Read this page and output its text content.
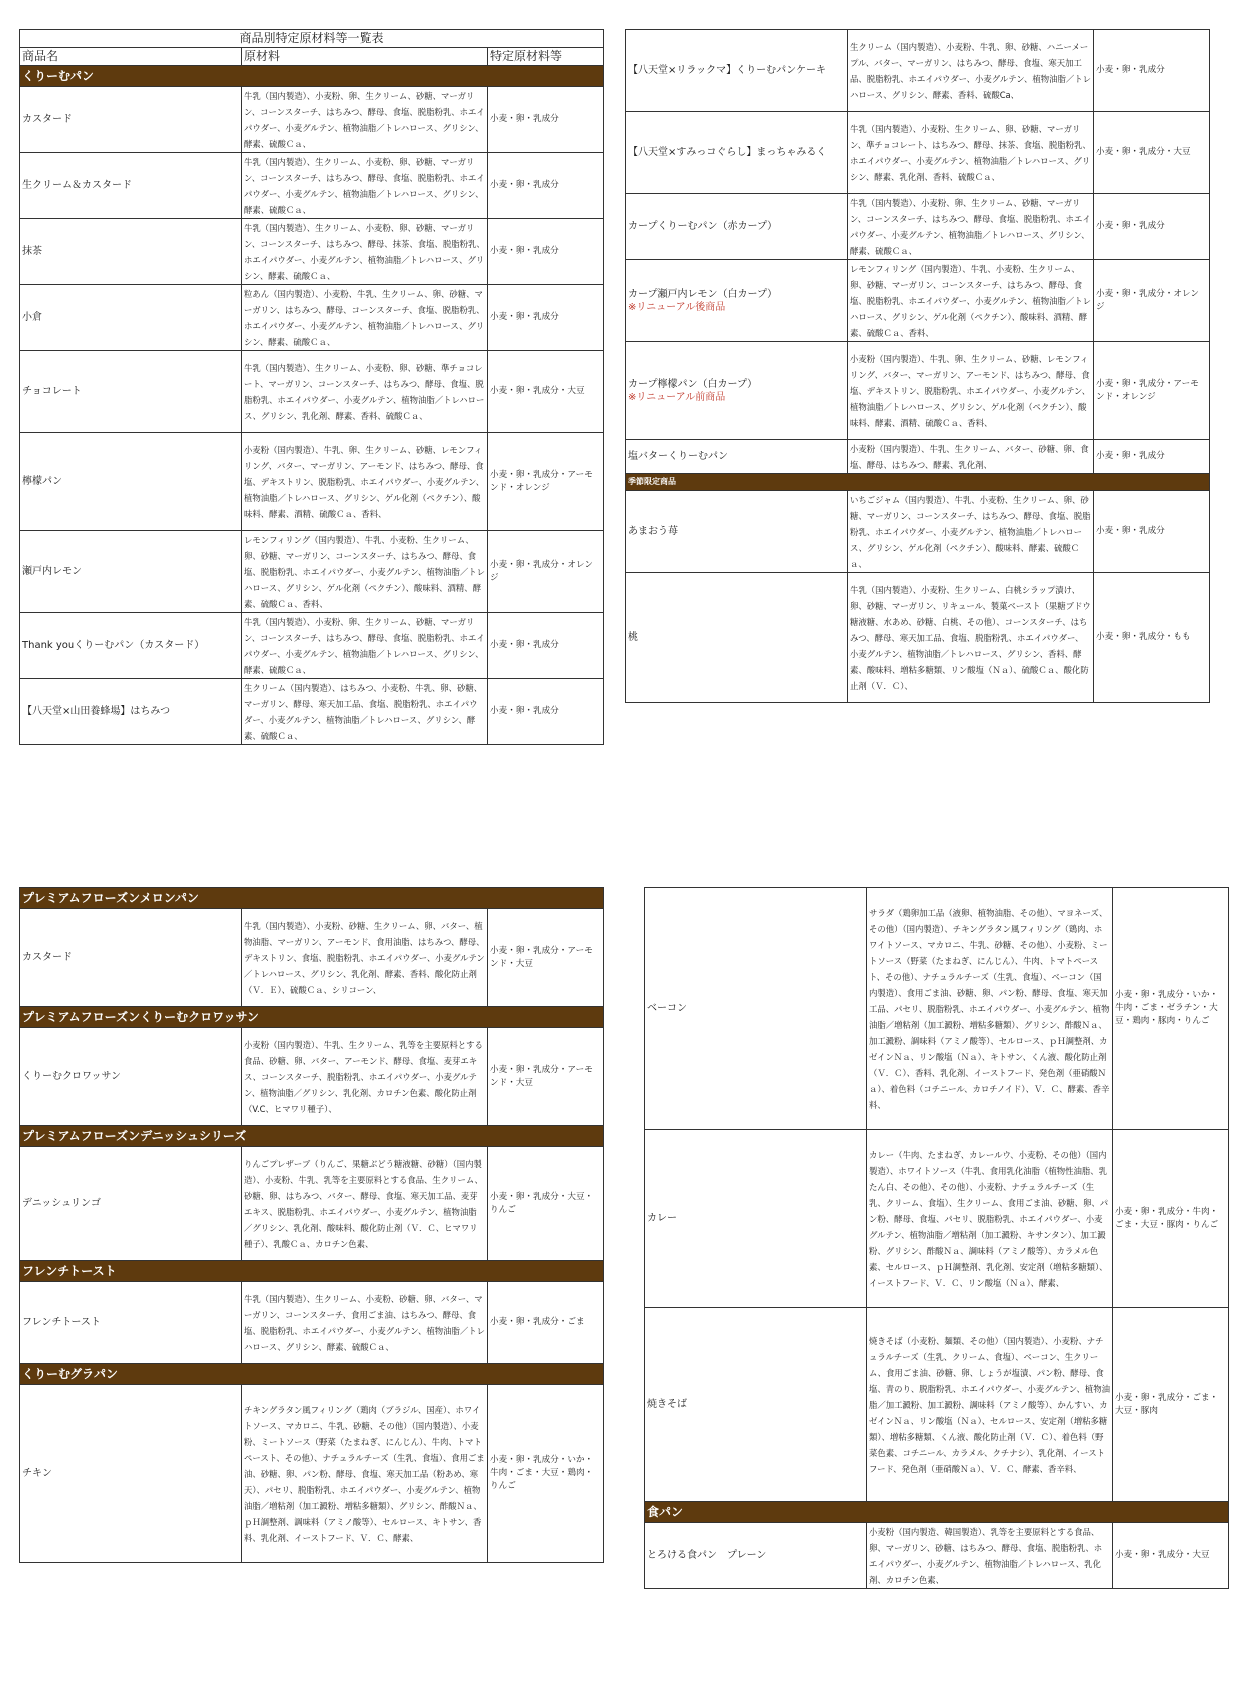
商品別特定原材料等一覧表		
商品名	原材料	特定原材料等
くりーむパン		
カスタード	牛乳（国内製造）、小麦粉、卵、生クリーム、砂糖、マーガリン、コーンスターチ、はちみつ、酵母、食塩、脱脂粉乳、ホエイパウダー、小麦グルテン、植物油脂／トレハロース、グリシン、酵素、硫酸Ｃａ、	小麦・卵・乳成分
生クリーム＆カスタード	牛乳（国内製造）、生クリーム、小麦粉、卵、砂糖、マーガリン、コーンスターチ、はちみつ、酵母、食塩、脱脂粉乳、ホエイパウダー、小麦グルテン、植物油脂／トレハロース、グリシン、酵素、硫酸Ｃａ、	小麦・卵・乳成分
抹茶	牛乳（国内製造）、生クリーム、小麦粉、卵、砂糖、マーガリン、コーンスターチ、はちみつ、酵母、抹茶、食塩、脱脂粉乳、ホエイパウダー、小麦グルテン、植物油脂／トレハロース、グリシン、酵素、硫酸Ｃａ、	小麦・卵・乳成分
小倉	粒あん（国内製造）、小麦粉、牛乳、生クリーム、卵、砂糖、マーガリン、はちみつ、酵母、コーンスターチ、食塩、脱脂粉乳、ホエイパウダー、小麦グルテン、植物油脂／トレハロース、グリシン、酵素、硫酸Ｃａ、	小麦・卵・乳成分
チョコレート	牛乳（国内製造）、生クリーム、小麦粉、卵、砂糖、準チョコレート、マーガリン、コーンスターチ、はちみつ、酵母、食塩、脱脂粉乳、ホエイパウダー、小麦グルテン、植物油脂／トレハロース、グリシン、乳化剤、酵素、香料、硫酸Ｃａ、	小麦・卵・乳成分・大豆
檸檬パン	小麦粉（国内製造）、牛乳、卵、生クリーム、砂糖、レモンフィリング、バター、マーガリン、アーモンド、はちみつ、酵母、食塩、デキストリン、脱脂粉乳、ホエイパウダー、小麦グルテン、植物油脂／トレハロース、グリシン、ゲル化剤（ペクチン）、酸味料、酵素、酒精、硫酸Ｃａ、香料、	小麦・卵・乳成分・アーモンド・オレンジ
瀬戸内レモン	レモンフィリング（国内製造）、牛乳、小麦粉、生クリーム、卵、砂糖、マーガリン、コーンスターチ、はちみつ、酵母、食塩、脱脂粉乳、ホエイパウダー、小麦グルテン、植物油脂／トレハロース、グリシン、ゲル化剤（ペクチン）、酸味料、酒精、酵素、硫酸Ｃａ、香料、	小麦・卵・乳成分・オレンジ
Thank youくりーむパン（カスタード）	牛乳（国内製造）、小麦粉、卵、生クリーム、砂糖、マーガリン、コーンスターチ、はちみつ、酵母、食塩、脱脂粉乳、ホエイパウダー、小麦グルテン、植物油脂／トレハロース、グリシン、酵素、硫酸Ｃａ、	小麦・卵・乳成分
【八天堂×山田養蜂場】はちみつ	生クリーム（国内製造）、はちみつ、小麦粉、牛乳、卵、砂糖、マーガリン、酵母、寒天加工品、食塩、脱脂粉乳、ホエイパウダー、小麦グルテン、植物油脂／トレハロース、グリシン、酵素、硫酸Ｃａ、	小麦・卵・乳成分
【八天堂×リラックマ】くりーむパンケーキ	生クリーム（国内製造）、小麦粉、牛乳、卵、砂糖、ハニーメープル、バター、マーガリン、はちみつ、酵母、食塩、寒天加工品、脱脂粉乳、ホエイパウダー、小麦グルテン、植物油脂／トレハロース、グリシン、酵素、香料、硫酸Ca、	小麦・卵・乳成分
【八天堂×すみっコぐらし】まっちゃみるく	牛乳（国内製造）、小麦粉、生クリーム、卵、砂糖、マーガリン、準チョコレート、はちみつ、酵母、抹茶、食塩、脱脂粉乳、ホエイパウダー、小麦グルテン、植物油脂／トレハロース、グリシン、酵素、乳化剤、香料、硫酸Ｃａ、	小麦・卵・乳成分・大豆
カープくりーむパン（赤カープ）	牛乳（国内製造）、小麦粉、卵、生クリーム、砂糖、マーガリン、コーンスターチ、はちみつ、酵母、食塩、脱脂粉乳、ホエイパウダー、小麦グルテン、植物油脂／トレハロース、グリシン、酵素、硫酸Ｃａ、	小麦・卵・乳成分
カープ瀬戸内レモン（白カープ）
※リニューアル後商品	レモンフィリング（国内製造）、牛乳、小麦粉、生クリーム、卵、砂糖、マーガリン、コーンスターチ、はちみつ、酵母、食塩、脱脂粉乳、ホエイパウダー、小麦グルテン、植物油脂／トレハロース、グリシン、ゲル化剤（ペクチン）、酸味料、酒精、酵素、硫酸Ｃａ、香料、	小麦・卵・乳成分・オレンジ
カープ檸檬パン（白カープ）
※リニューアル前商品	小麦粉（国内製造）、牛乳、卵、生クリーム、砂糖、レモンフィリング、バター、マーガリン、アーモンド、はちみつ、酵母、食塩、デキストリン、脱脂粉乳、ホエイパウダー、小麦グルテン、植物油脂／トレハロース、グリシン、ゲル化剤（ペクチン）、酸味料、酵素、酒精、硫酸Ｃａ、香料、	小麦・卵・乳成分・アーモンド・オレンジ
塩バターくりーむパン	小麦粉（国内製造）、牛乳、生クリーム、バター、砂糖、卵、食塩、酵母、はちみつ、酵素、乳化剤、	小麦・卵・乳成分
季節限定商品		
あまおう苺	いちごジャム（国内製造）、牛乳、小麦粉、生クリーム、卵、砂糖、マーガリン、コーンスターチ、はちみつ、酵母、食塩、脱脂粉乳、ホエイパウダー、小麦グルテン、植物油脂／トレハロース、グリシン、ゲル化剤（ペクチン）、酸味料、酵素、硫酸Ｃａ、	小麦・卵・乳成分
桃	牛乳（国内製造）、小麦粉、生クリーム、白桃シラップ漬け、卵、砂糖、マーガリン、リキュール、製菓ベースト（果糖ブドウ糖液糖、水あめ、砂糖、白桃、その他）、コーンスターチ、はちみつ、酵母、寒天加工品、食塩、脱脂粉乳、ホエイパウダー、小麦グルテン、植物油脂／トレハロース、グリシン、香料、酵素、酸味料、増粘多糖類、リン酸塩（Ｎａ）、硫酸Ｃａ、酸化防止剤（Ｖ．Ｃ）、	小麦・卵・乳成分・もも
プレミアムフローズンメロンパン		
カスタード	牛乳（国内製造）、小麦粉、砂糖、生クリーム、卵、バター、植物油脂、マーガリン、アーモンド、食用油脂、はちみつ、酵母、デキストリン、食塩、脱脂粉乳、ホエイパウダー、小麦グルテン／トレハロース、グリシン、乳化剤、酵素、香料、酸化防止剤（Ｖ．Ｅ）、硫酸Ｃａ、シリコーン、	小麦・卵・乳成分・アーモンド・大豆
プレミアムフローズンくりーむクロワッサン		
くりーむクロワッサン	小麦粉（国内製造）、牛乳、生クリーム、乳等を主要原料とする食品、砂糖、卵、バター、アーモンド、酵母、食塩、麦芽エキス、コーンスターチ、脱脂粉乳、ホエイパウダー、小麦グルテン、植物油脂／グリシン、乳化剤、カロチン色素、酸化防止剤（V.C、ヒマワリ種子）、	小麦・卵・乳成分・アーモンド・大豆
プレミアムフローズンデニッシュシリーズ		
デニッシュリンゴ	りんごプレザーブ（りんご、果糖ぶどう糖液糖、砂糖）（国内製造）、小麦粉、牛乳、乳等を主要原料とする食品、生クリーム、砂糖、卵、はちみつ、バター、酵母、食塩、寒天加工品、麦芽エキス、脱脂粉乳、ホエイパウダー、小麦グルテン、植物油脂／グリシン、乳化剤、酸味料、酸化防止剤（Ｖ．Ｃ、ヒマワリ種子）、乳酸Ｃａ、カロチン色素、	小麦・卵・乳成分・大豆・りんご
フレンチトースト		
フレンチトースト	牛乳（国内製造）、生クリーム、小麦粉、砂糖、卵、バター、マーガリン、コーンスターチ、食用ごま油、はちみつ、酵母、食塩、脱脂粉乳、ホエイパウダー、小麦グルテン、植物油脂／トレハロース、グリシン、酵素、硫酸Ｃａ、	小麦・卵・乳成分・ごま
くりーむグラパン		
チキン	チキングラタン風フィリング（鶏肉（ブラジル、国産）、ホワイトソース、マカロニ、牛乳、砂糖、その他）（国内製造）、小麦粉、ミートソース（野菜（たまねぎ、にんじん）、牛肉、トマトペースト、その他）、ナチュラルチーズ（生乳、食塩）、食用ごま油、砂糖、卵、パン粉、酵母、食塩、寒天加工品（粉あめ、寒天）、パセリ、脱脂粉乳、ホエイパウダー、小麦グルテン、植物油脂／増粘剤（加工澱粉、増粘多糖類）、グリシン、酢酸Ｎａ、ｐＨ調整剤、調味料（アミノ酸等）、セルロース、キトサン、香料、乳化剤、イーストフード、Ｖ．Ｃ、酵素、	小麦・卵・乳成分・いか・牛肉・ごま・大豆・鶏肉・りんご
ベーコン	サラダ（鶏卵加工品（液卵、植物油脂、その他）、マヨネーズ、その他）（国内製造）、チキングラタン風フィリング（鶏肉、ホワイトソース、マカロニ、牛乳、砂糖、その他）、小麦粉、ミートソース（野菜（たまねぎ、にんじん）、牛肉、トマトペースト、その他）、ナチュラルチーズ（生乳、食塩）、ベーコン（国内製造）、食用ごま油、砂糖、卵、パン粉、酵母、食塩、寒天加工品、パセリ、脱脂粉乳、ホエイパウダー、小麦グルテン、植物油脂／増粘剤（加工澱粉、増粘多糖類）、グリシン、酢酸Ｎａ、加工澱粉、調味料（アミノ酸等）、セルロース、ｐＨ調整剤、カゼインＮａ、リン酸塩（Ｎａ）、キトサン、くん液、酸化防止剤（Ｖ．Ｃ）、香料、乳化剤、イーストフード、発色剤（亜硝酸Ｎａ）、着色料（コチニール、カロチノイド）、Ｖ．Ｃ、酵素、香辛料、	小麦・卵・乳成分・いか・牛肉・ごま・ゼラチン・大豆・鶏肉・豚肉・りんご
カレー	カレー（牛肉、たまねぎ、カレールウ、小麦粉、その他）（国内製造）、ホワイトソース（牛乳、食用乳化油脂（植物性油脂、乳たん白、その他）、その他）、小麦粉、ナチュラルチーズ（生乳、クリーム、食塩）、生クリーム、食用ごま油、砂糖、卵、パン粉、酵母、食塩、パセリ、脱脂粉乳、ホエイパウダー、小麦グルテン、植物油脂／増粘剤（加工澱粉、キサンタン）、加工澱粉、グリシン、酢酸Ｎａ、調味料（アミノ酸等）、カラメル色素、セルロース、ｐＨ調整剤、乳化剤、安定剤（増粘多糖類）、イーストフード、Ｖ．Ｃ、リン酸塩（Ｎａ）、酵素、	小麦・卵・乳成分・牛肉・ごま・大豆・豚肉・りんご
焼きそば	焼きそば（小麦粉、麺類、その他）（国内製造）、小麦粉、ナチュラルチーズ（生乳、クリーム、食塩）、ベーコン、生クリーム、食用ごま油、砂糖、卵、しょうが塩漬、パン粉、酵母、食塩、青のり、脱脂粉乳、ホエイパウダー、小麦グルテン、植物油脂／加工澱粉、加工澱粉、調味料（アミノ酸等）、かんすい、カゼインＮａ、リン酸塩（Ｎａ）、セルロース、安定剤（増粘多糖類）、増粘多糖類、くん液、酸化防止剤（Ｖ．Ｃ）、着色料（野菜色素、コチニール、カラメル、クチナシ）、乳化剤、イーストフード、発色剤（亜硝酸Ｎａ）、Ｖ．Ｃ、酵素、香辛料、	小麦・卵・乳成分・ごま・大豆・豚肉
食パン		
とろける食パン　プレーン	小麦粉（国内製造、韓国製造）、乳等を主要原料とする食品、卵、マーガリン、砂糖、はちみつ、酵母、食塩、脱脂粉乳、ホエイパウダー、小麦グルテン、植物油脂／トレハロース、乳化剤、カロチン色素、	小麦・卵・乳成分・大豆
